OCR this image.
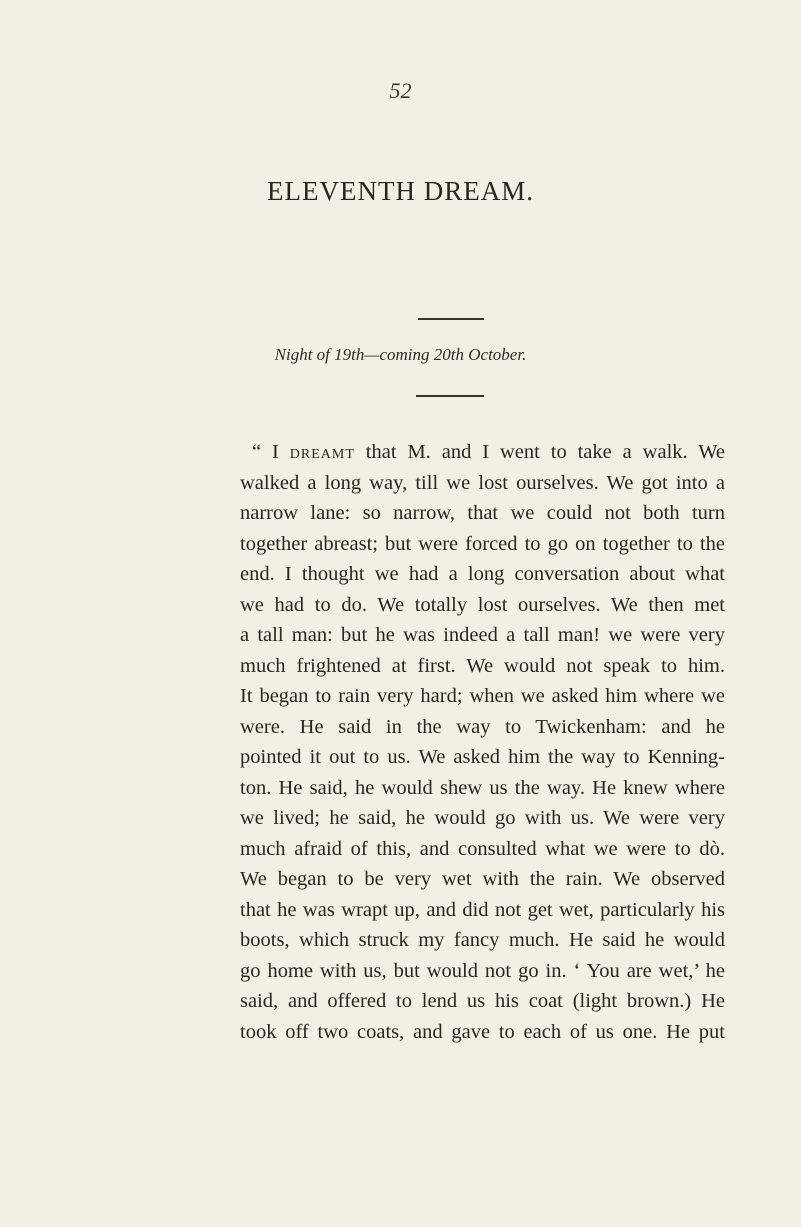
52
ELEVENTH DREAM.
Night of 19th—coming 20th October.
“ I dreamt that M. and I went to take a walk. We
walked a long way, till we lost ourselves. We got into a
narrow lane: so narrow, that we could not both turn
together abreast; but were forced to go on together to the
end. I thought we had a long conversation about what
we had to do. We totally lost ourselves. We then met
a tall man: but he was indeed a tall man! we were very
much frightened at first. We would not speak to him.
It began to rain very hard; when we asked him where we
were. He said in the way to Twickenham: and he
pointed it out to us. We asked him the way to Kenning-
ton. He said, he would shew us the way. He knew where
we lived; he said, he would go with us. We were very
much afraid of this, and consulted what we were to dò.
We began to be very wet with the rain. We observed
that he was wrapt up, and did not get wet, particularly his
boots, which struck my fancy much. He said he would
go home with us, but would not go in. ‘ You are wet,’ he
said, and offered to lend us his coat (light brown.) He
took off two coats, and gave to each of us one. He put
